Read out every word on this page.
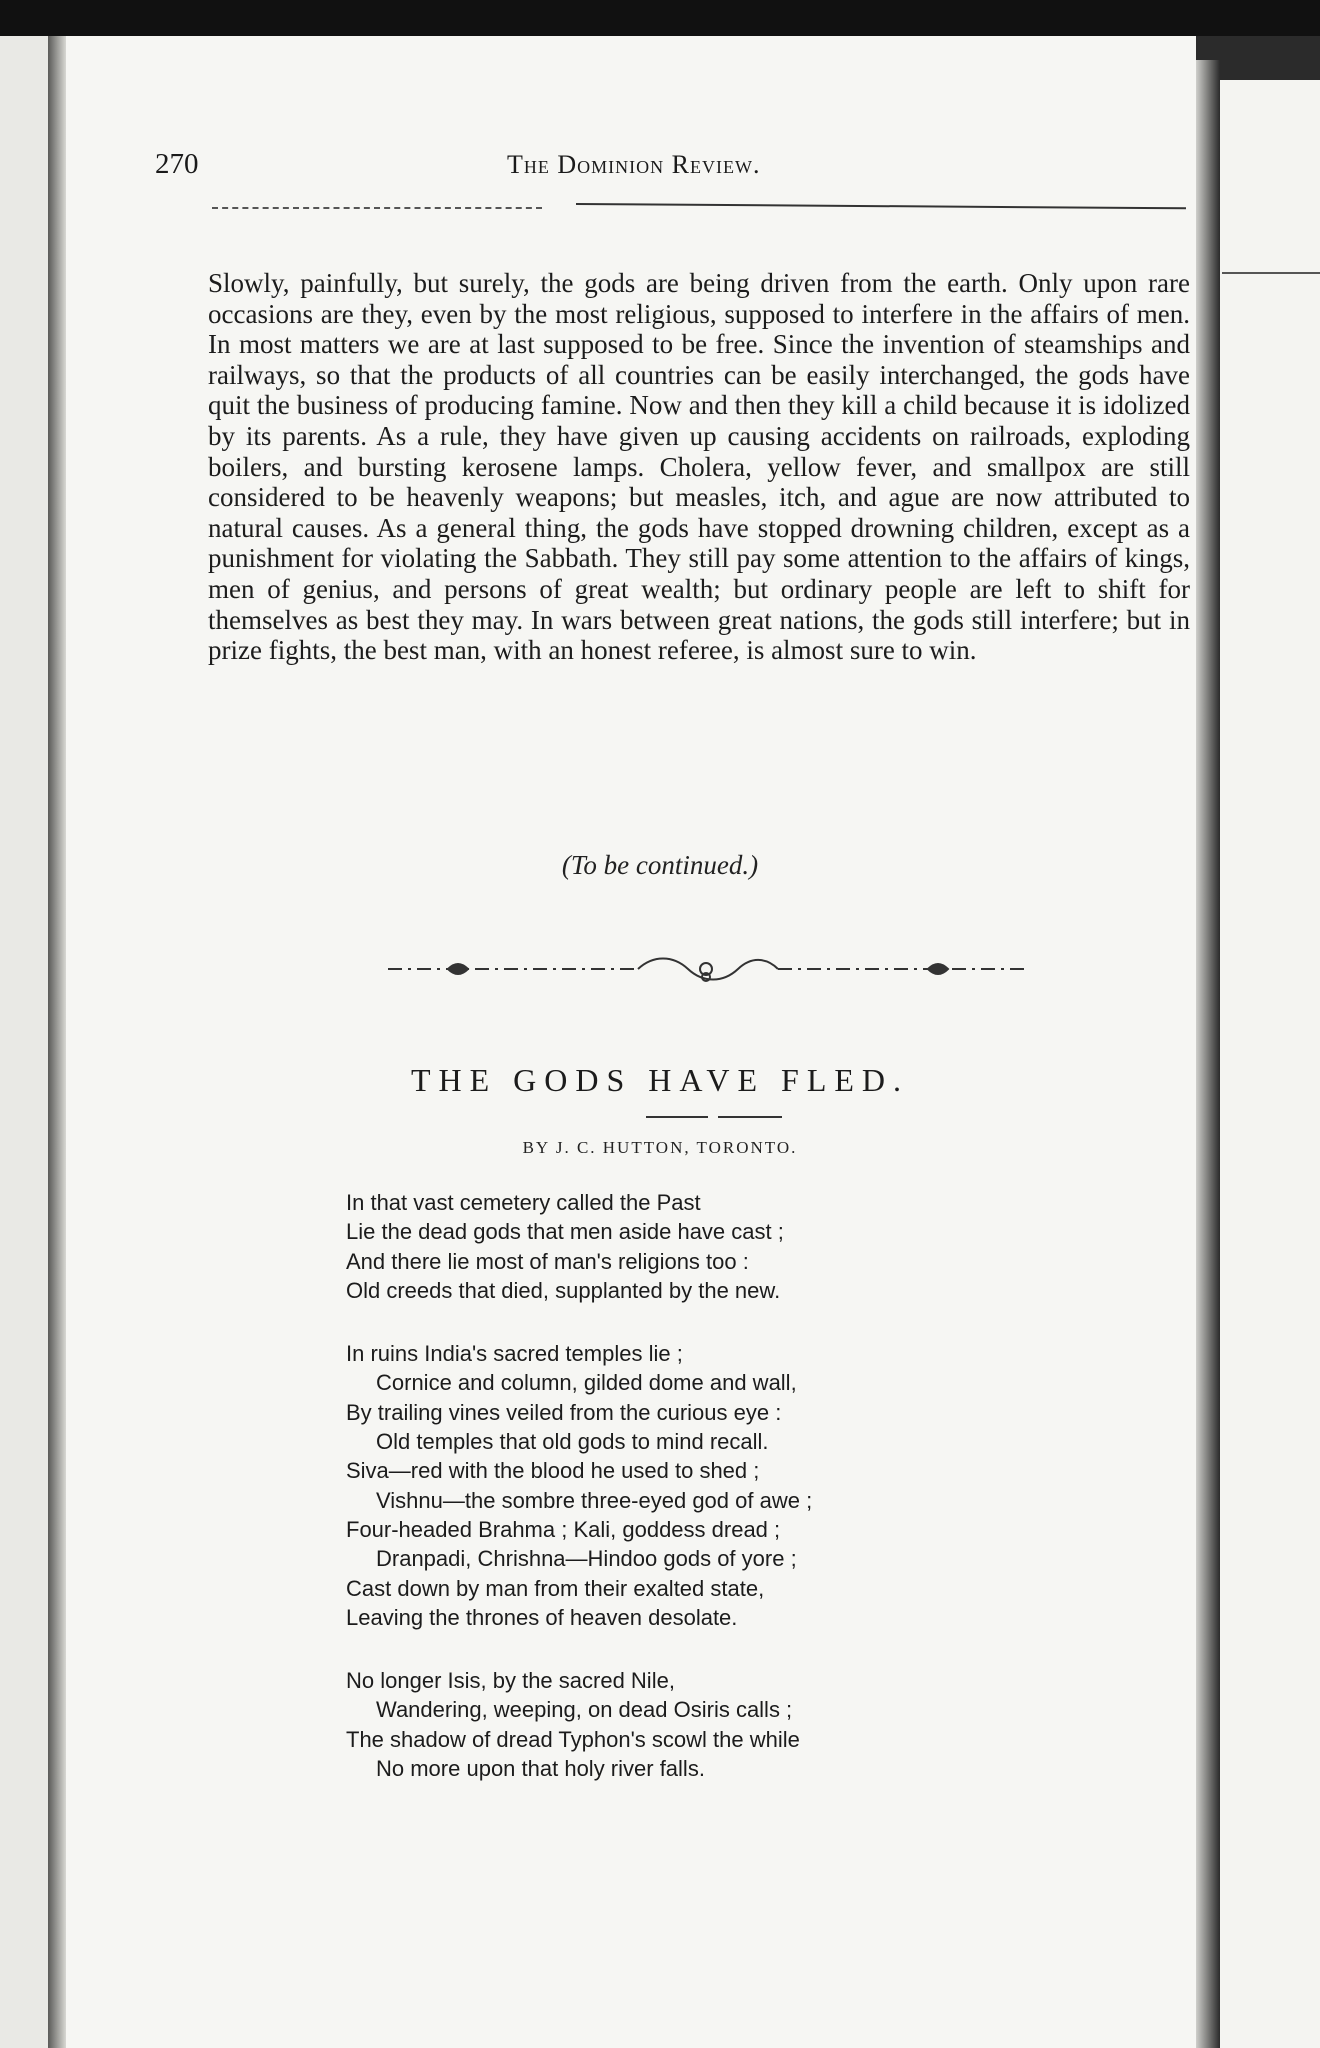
270	The Dominion Review.
Slowly, painfully, but surely, the gods are being driven from the earth. Only upon rare occasions are they, even by the most religious, supposed to interfere in the affairs of men. In most matters we are at last supposed to be free. Since the invention of steamships and railways, so that the products of all countries can be easily interchanged, the gods have quit the business of producing famine. Now and then they kill a child because it is idolized by its parents. As a rule, they have given up causing accidents on railroads, exploding boilers, and bursting kerosene lamps. Cholera, yellow fever, and smallpox are still considered to be heavenly weapons; but measles, itch, and ague are now attributed to natural causes. As a general thing, the gods have stopped drowning children, except as a punishment for violating the Sabbath. They still pay some attention to the affairs of kings, men of genius, and persons of great wealth; but ordinary people are left to shift for themselves as best they may. In wars between great nations, the gods still interfere; but in prize fights, the best man, with an honest referee, is almost sure to win.
(To be continued.)
THE GODS HAVE FLED.
BY J. C. HUTTON, TORONTO.
In that vast cemetery called the Past
Lie the dead gods that men aside have cast ;
And there lie most of man's religions too :
Old creeds that died, supplanted by the new.
In ruins India's sacred temples lie ;
Cornice and column, gilded dome and wall,
By trailing vines veiled from the curious eye :
Old temples that old gods to mind recall.
Siva—red with the blood he used to shed ;
Vishnu—the sombre three-eyed god of awe ;
Four-headed Brahma ; Kali, goddess dread ;
Dranpadi, Chrishna—Hindoo gods of yore ;
Cast down by man from their exalted state,
Leaving the thrones of heaven desolate.
No longer Isis, by the sacred Nile,
Wandering, weeping, on dead Osiris calls ;
The shadow of dread Typhon's scowl the while
No more upon that holy river falls.
